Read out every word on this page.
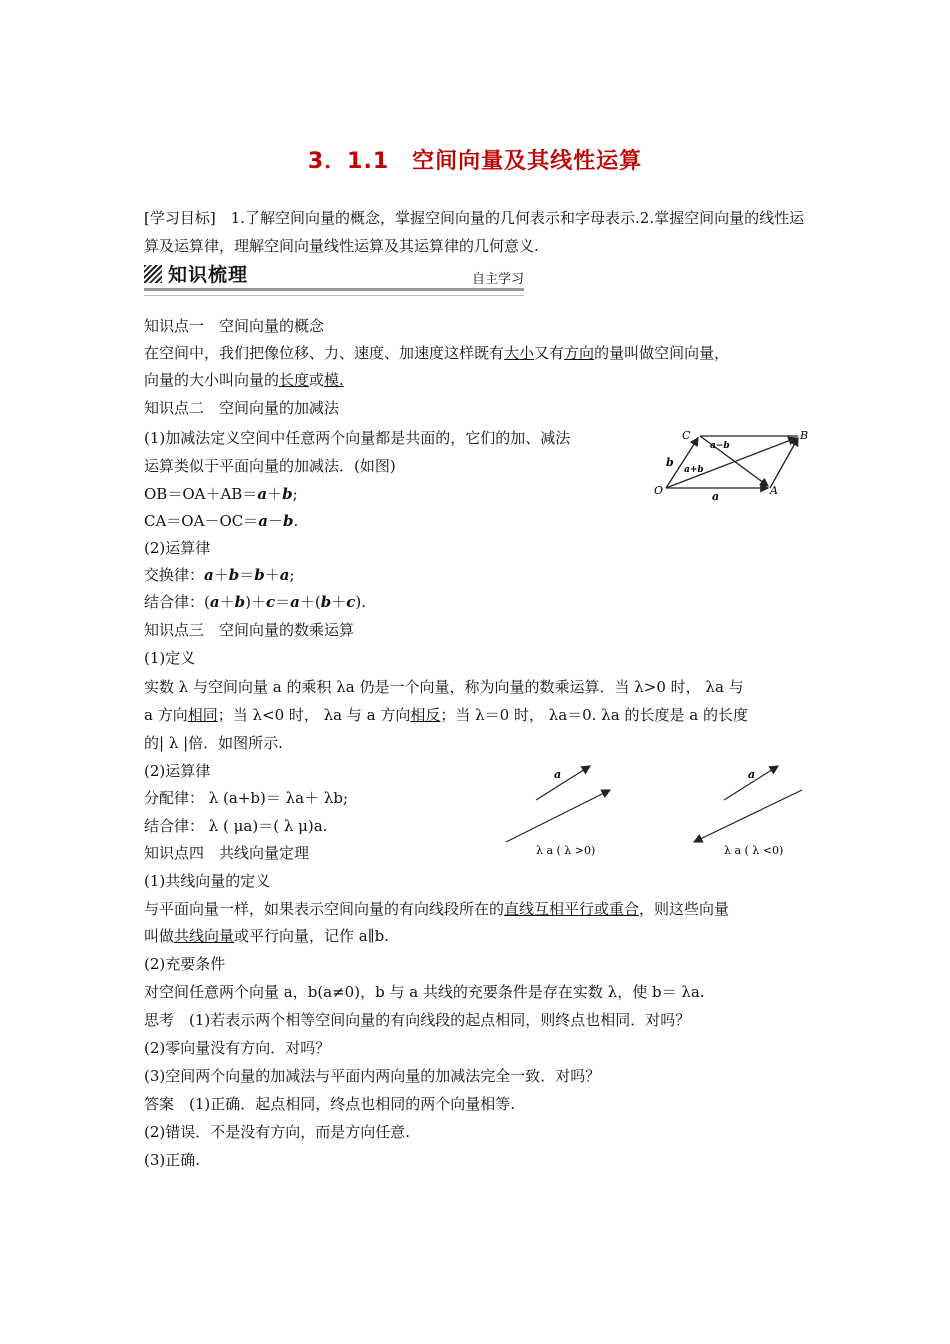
3．1.1　空间向量及其线性运算
[学习目标]　1.了解空间向量的概念，掌握空间向量的几何表示和字母表示.2.掌握空间向量的线性运算及运算律，理解空间向量线性运算及其运算律的几何意义.
知识梳理	自主学习
知识点一　空间向量的概念
在空间中，我们把像位移、力、速度、加速度这样既有大小又有方向的量叫做空间向量，
向量的大小叫向量的长度或模.
知识点二　空间向量的加减法
(1)加减法定义空间中任意两个向量都是共面的，它们的加、减法
运算类似于平面向量的加减法．(如图)
OB＝OA＋AB＝a＋b;
CA＝OA－OC＝a－b.
(2)运算律
交换律：a＋b＝b＋a;
结合律：(a＋b)＋c＝a＋(b＋c).
C	B
O	A
a
b
a+b
a−b
知识点三　空间向量的数乘运算
(1)定义
实数 λ 与空间向量 a 的乘积 λa 仍是一个向量，称为向量的数乘运算．当 λ>0 时， λa 与
a 方向相同；当 λ<0 时， λa 与 a 方向相反；当 λ＝0 时， λa＝0. λa 的长度是 a 的长度
的| λ |倍．如图所示.
(2)运算律
分配律： λ (a+b)＝ λa＋ λb;
结合律： λ ( μa)＝( λ μ)a.
a
λ a ( λ >0)
a
λ a ( λ <0)
知识点四　共线向量定理
(1)共线向量的定义
与平面向量一样，如果表示空间向量的有向线段所在的直线互相平行或重合，则这些向量
叫做共线向量或平行向量，记作 a∥b.
(2)充要条件
对空间任意两个向量 a，b(a≠0)，b 与 a 共线的充要条件是存在实数 λ，使 b＝ λa.
思考　(1)若表示两个相等空间向量的有向线段的起点相同，则终点也相同．对吗？
(2)零向量没有方向．对吗？
(3)空间两个向量的加减法与平面内两向量的加减法完全一致．对吗？
答案　(1)正确．起点相同，终点也相同的两个向量相等.
(2)错误．不是没有方向，而是方向任意.
(3)正确.
